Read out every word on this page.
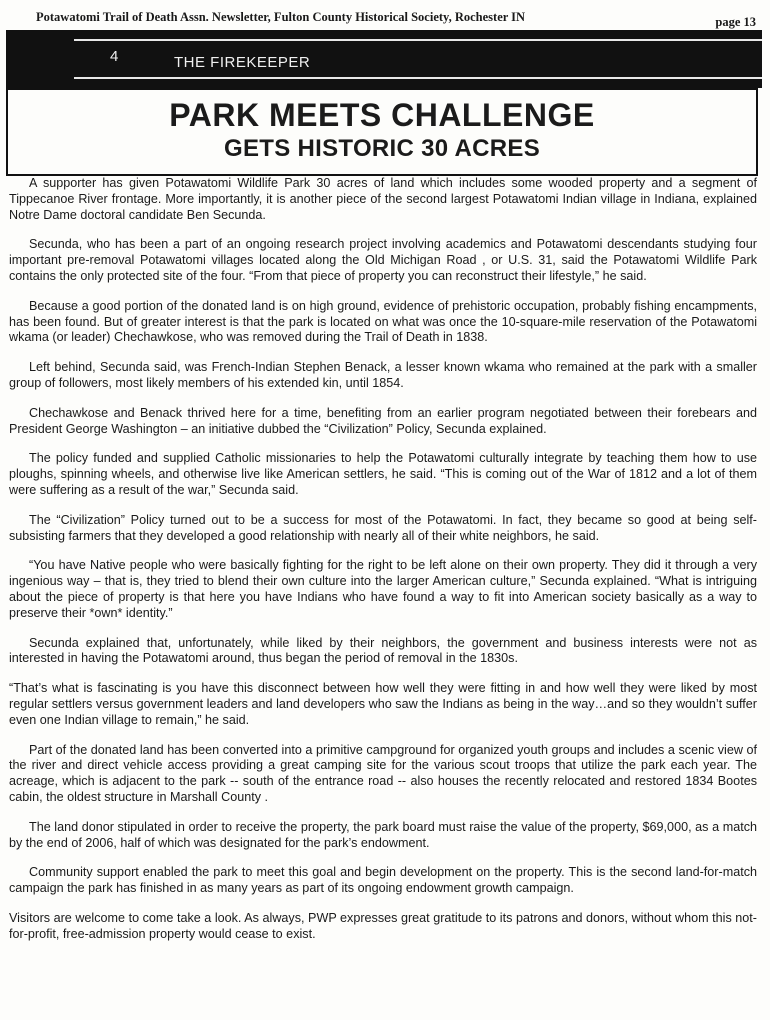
Potawatomi Trail of Death Assn. Newsletter, Fulton County Historical Society, Rochester IN	page 13
4	THE FIREKEEPER
PARK MEETS CHALLENGE
GETS HISTORIC 30 ACRES

A supporter has given Potawatomi Wildlife Park 30 acres of land which includes some wooded property and a segment of Tippecanoe River frontage. More importantly, it is another piece of the second largest Potawatomi Indian village in Indiana, explained Notre Dame doctoral candidate Ben Secunda.

Secunda, who has been a part of an ongoing research project involving academics and Potawatomi descendants studying four important pre-removal Potawatomi villages located along the Old Michigan Road , or U.S. 31, said the Potawatomi Wildlife Park contains the only protected site of the four. “From that piece of property you can reconstruct their lifestyle,” he said.

Because a good portion of the donated land is on high ground, evidence of prehistoric occupation, probably fishing encampments, has been found. But of greater interest is that the park is located on what was once the 10-square-mile reservation of the Potawatomi wkama (or leader) Chechawkose, who was removed during the Trail of Death in 1838.

Left behind, Secunda said, was French-Indian Stephen Benack, a lesser known wkama who remained at the park with a smaller group of followers, most likely members of his extended kin, until 1854.

Chechawkose and Benack thrived here for a time, benefiting from an earlier program negotiated between their forebears and President George Washington – an initiative dubbed the “Civilization” Policy, Secunda explained.

The policy funded and supplied Catholic missionaries to help the Potawatomi culturally integrate by teaching them how to use ploughs, spinning wheels, and otherwise live like American settlers, he said. “This is coming out of the War of 1812 and a lot of them were suffering as a result of the war,” Secunda said.

The “Civilization” Policy turned out to be a success for most of the Potawatomi. In fact, they became so good at being self-subsisting farmers that they developed a good relationship with nearly all of their white neighbors, he said.

“You have Native people who were basically fighting for the right to be left alone on their own property. They did it through a very ingenious way – that is, they tried to blend their own culture into the larger American culture,” Secunda explained. “What is intriguing about the piece of property is that here you have Indians who have found a way to fit into American society basically as a way to preserve their *own* identity.”

Secunda explained that, unfortunately, while liked by their neighbors, the government and business interests were not as interested in having the Potawatomi around, thus began the period of removal in the 1830s.

“That’s what is fascinating is you have this disconnect between how well they were fitting in and how well they were liked by most regular settlers versus government leaders and land developers who saw the Indians as being in the way…and so they wouldn’t suffer even one Indian village to remain,” he said.

Part of the donated land has been converted into a primitive campground for organized youth groups and includes a scenic view of the river and direct vehicle access providing a great camping site for the various scout troops that utilize the park each year. The acreage, which is adjacent to the park -- south of the entrance road -- also houses the recently relocated and restored 1834 Bootes cabin, the oldest structure in Marshall County .

The land donor stipulated in order to receive the property, the park board must raise the value of the property, $69,000, as a match by the end of 2006, half of which was designated for the park’s endowment.

Community support enabled the park to meet this goal and begin development on the property. This is the second land-for-match campaign the park has finished in as many years as part of its ongoing endowment growth campaign.

Visitors are welcome to come take a look. As always, PWP expresses great gratitude to its patrons and donors, without whom this not-for-profit, free-admission property would cease to exist.
